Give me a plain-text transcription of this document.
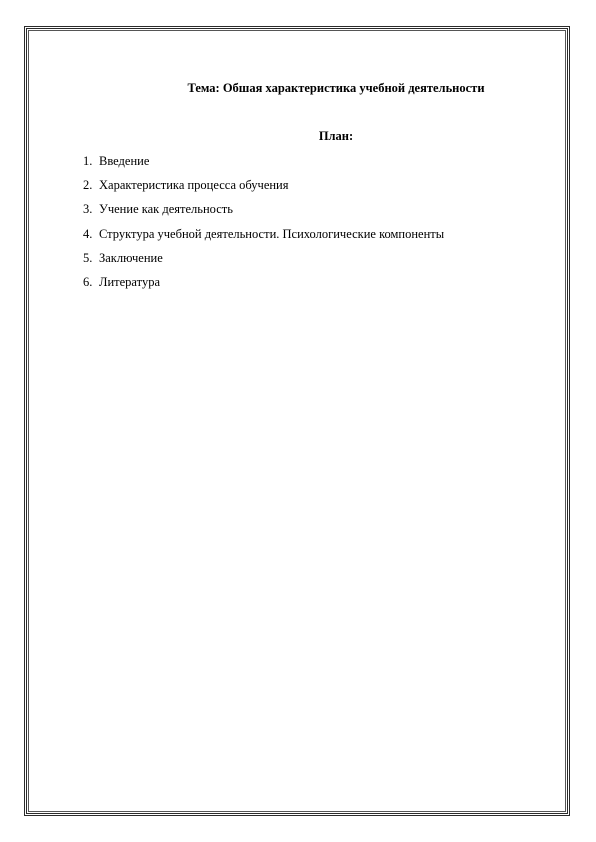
Тема: Обшая характеристика учебной деятельности
План:
1. Введение
2. Характеристика процесса обучения
3. Учение как деятельность
4. Структура учебной деятельности. Психологические компоненты
5. Заключение
6. Литература
